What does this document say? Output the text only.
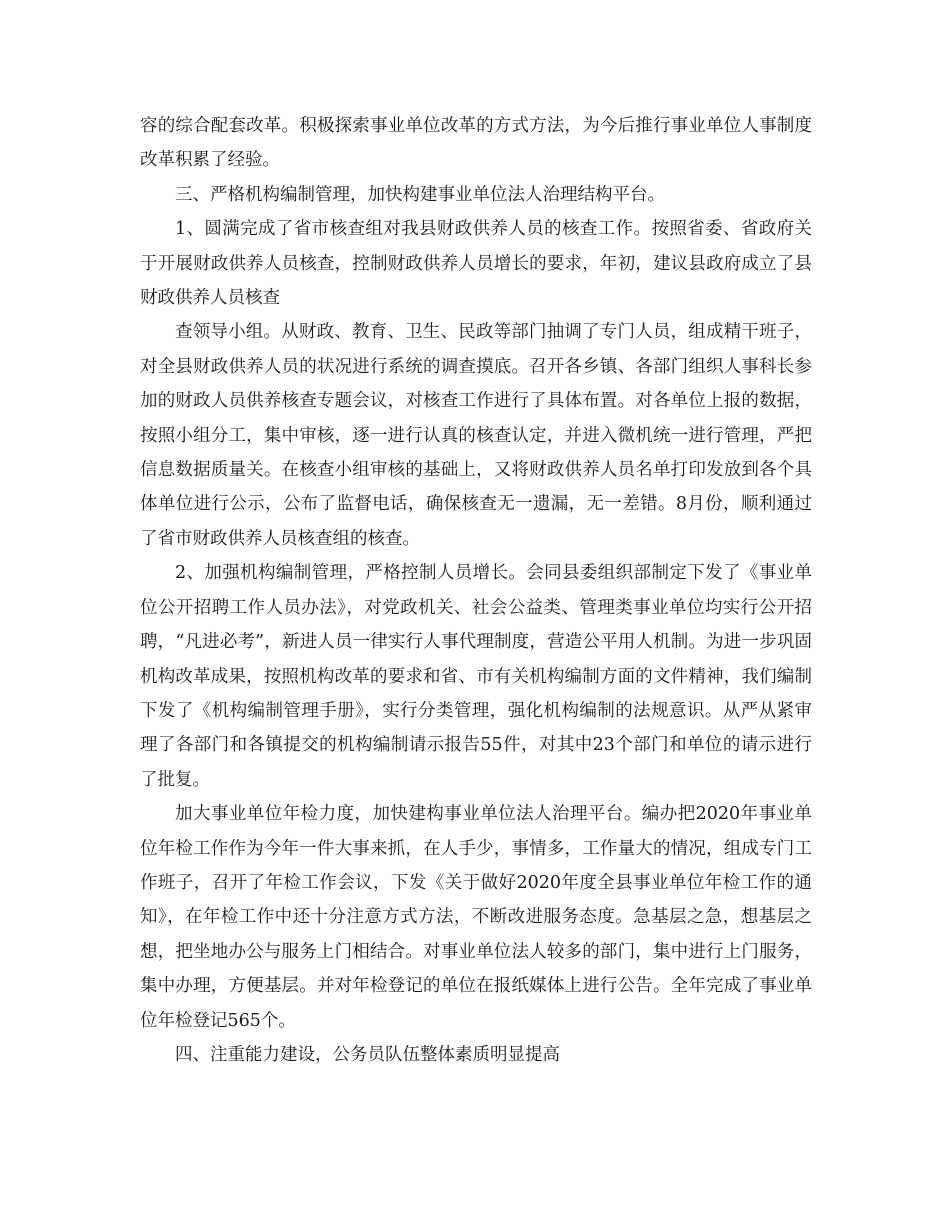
容的综合配套改革。积极探索事业单位改革的方式方法，为今后推行事业单位人事制度改革积累了经验。

三、严格机构编制管理，加快构建事业单位法人治理结构平台。

1、圆满完成了省市核查组对我县财政供养人员的核查工作。按照省委、省政府关于开展财政供养人员核查，控制财政供养人员增长的要求，年初，建议县政府成立了县财政供养人员核查

查领导小组。从财政、教育、卫生、民政等部门抽调了专门人员，组成精干班子，对全县财政供养人员的状况进行系统的调查摸底。召开各乡镇、各部门组织人事科长参加的财政人员供养核查专题会议，对核查工作进行了具体布置。对各单位上报的数据，按照小组分工，集中审核，逐一进行认真的核查认定，并进入微机统一进行管理，严把信息数据质量关。在核查小组审核的基础上，又将财政供养人员名单打印发放到各个具体单位进行公示，公布了监督电话，确保核查无一遗漏，无一差错。8月份，顺利通过了省市财政供养人员核查组的核查。

2、加强机构编制管理，严格控制人员增长。会同县委组织部制定下发了《事业单位公开招聘工作人员办法》，对党政机关、社会公益类、管理类事业单位均实行公开招聘，“凡进必考”，新进人员一律实行人事代理制度，营造公平用人机制。为进一步巩固机构改革成果，按照机构改革的要求和省、市有关机构编制方面的文件精神，我们编制下发了《机构编制管理手册》，实行分类管理，强化机构编制的法规意识。从严从紧审理了各部门和各镇提交的机构编制请示报告55件，对其中23个部门和单位的请示进行了批复。

加大事业单位年检力度，加快建构事业单位法人治理平台。编办把2020年事业单位年检工作作为今年一件大事来抓，在人手少，事情多，工作量大的情况，组成专门工作班子，召开了年检工作会议，下发《关于做好2020年度全县事业单位年检工作的通知》，在年检工作中还十分注意方式方法，不断改进服务态度。急基层之急，想基层之想，把坐地办公与服务上门相结合。对事业单位法人较多的部门，集中进行上门服务，集中办理，方便基层。并对年检登记的单位在报纸媒体上进行公告。全年完成了事业单位年检登记565个。

四、注重能力建设，公务员队伍整体素质明显提高
